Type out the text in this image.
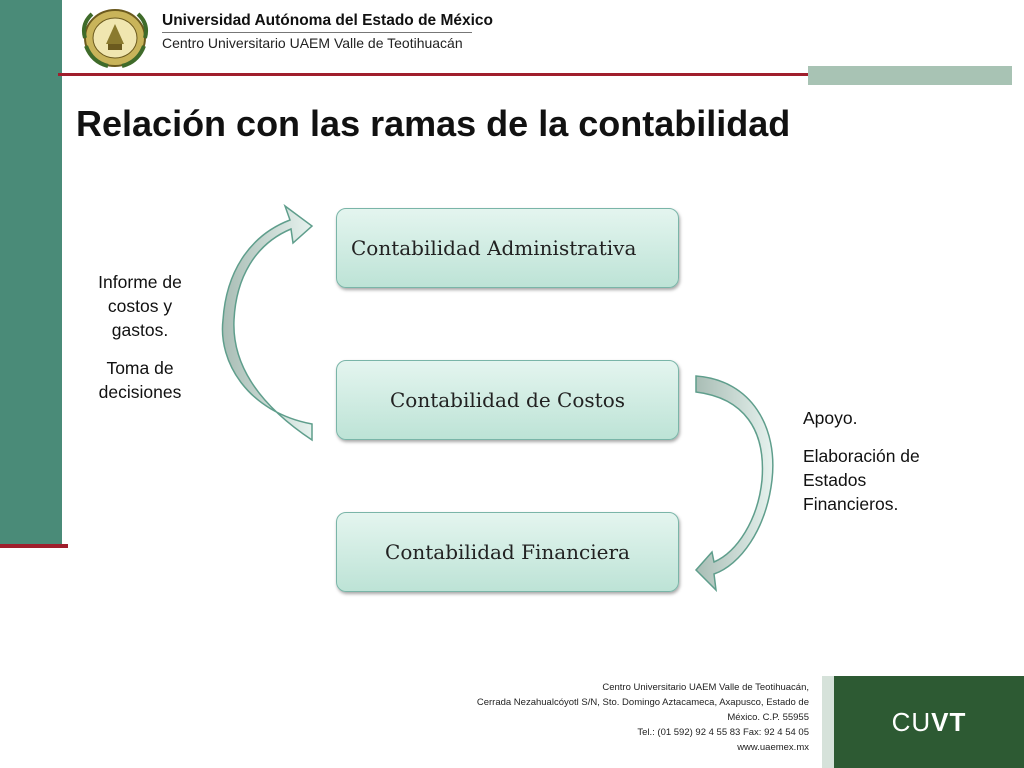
Universidad Autónoma del Estado de México
Centro Universitario UAEM Valle de Teotihuacán
Relación con las ramas de la contabilidad
Contabilidad Administrativa
Contabilidad de Costos
Contabilidad Financiera

Informe de costos y gastos.

Toma de decisiones

Apoyo.

Elaboración de Estados Financieros.

Centro Universitario UAEM Valle de Teotihuacán,
Cerrada Nezahualcóyotl S/N, Sto. Domingo Aztacameca, Axapusco, Estado de
México. C.P. 55955
Tel.: (01 592) 92 4 55 83 Fax: 92 4 54 05
www.uaemex.mx
CU VT
